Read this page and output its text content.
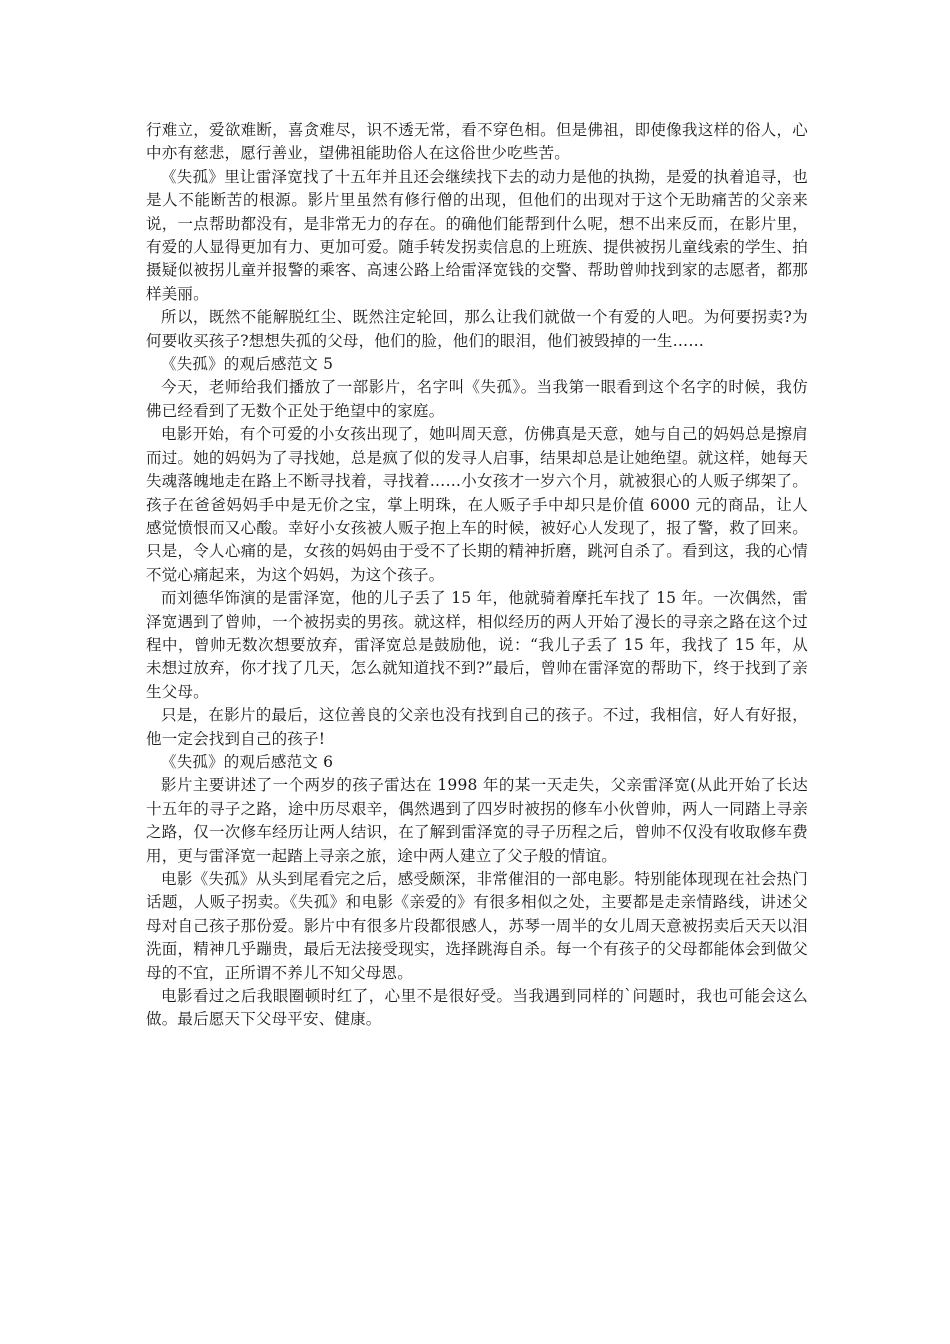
行难立，爱欲难断，喜贪难尽，识不透无常，看不穿色相。但是佛祖，即使像我这样的俗人，心中亦有慈悲，愿行善业，望佛祖能助俗人在这俗世少吃些苦。

《失孤》里让雷泽宽找了十五年并且还会继续找下去的动力是他的执拗，是爱的执着追寻，也是人不能断苦的根源。影片里虽然有修行僧的出现，但他们的出现对于这个无助痛苦的父亲来说，一点帮助都没有，是非常无力的存在。的确他们能帮到什么呢，想不出来反而，在影片里，有爱的人显得更加有力、更加可爱。随手转发拐卖信息的上班族、提供被拐儿童线索的学生、拍摄疑似被拐儿童并报警的乘客、高速公路上给雷泽宽钱的交警、帮助曾帅找到家的志愿者，都那样美丽。

所以，既然不能解脱红尘、既然注定轮回，那么让我们就做一个有爱的人吧。为何要拐卖?为何要收买孩子?想想失孤的父母，他们的脸，他们的眼泪，他们被毁掉的一生……

《失孤》的观后感范文 5

今天，老师给我们播放了一部影片，名字叫《失孤》。当我第一眼看到这个名字的时候，我仿佛已经看到了无数个正处于绝望中的家庭。

电影开始，有个可爱的小女孩出现了，她叫周天意，仿佛真是天意，她与自己的妈妈总是擦肩而过。她的妈妈为了寻找她，总是疯了似的发寻人启事，结果却总是让她绝望。就这样，她每天失魂落魄地走在路上不断寻找着，寻找着……小女孩才一岁六个月，就被狠心的人贩子绑架了。孩子在爸爸妈妈手中是无价之宝，掌上明珠，在人贩子手中却只是价值 6000 元的商品，让人感觉愤恨而又心酸。幸好小女孩被人贩子抱上车的时候，被好心人发现了，报了警，救了回来。只是，令人心痛的是，女孩的妈妈由于受不了长期的精神折磨，跳河自杀了。看到这，我的心情不觉心痛起来，为这个妈妈，为这个孩子。

而刘德华饰演的是雷泽宽，他的儿子丢了 15 年，他就骑着摩托车找了 15 年。一次偶然，雷泽宽遇到了曾帅，一个被拐卖的男孩。就这样，相似经历的两人开始了漫长的寻亲之路在这个过程中，曾帅无数次想要放弃，雷泽宽总是鼓励他，说：“我儿子丢了 15 年，我找了 15 年，从未想过放弃，你才找了几天，怎么就知道找不到?”最后，曾帅在雷泽宽的帮助下，终于找到了亲生父母。

只是，在影片的最后，这位善良的父亲也没有找到自己的孩子。不过，我相信，好人有好报，他一定会找到自己的孩子!

《失孤》的观后感范文 6

影片主要讲述了一个两岁的孩子雷达在 1998 年的某一天走失，父亲雷泽宽(从此开始了长达十五年的寻子之路，途中历尽艰辛，偶然遇到了四岁时被拐的修车小伙曾帅，两人一同踏上寻亲之路，仅一次修车经历让两人结识，在了解到雷泽宽的寻子历程之后，曾帅不仅没有收取修车费用，更与雷泽宽一起踏上寻亲之旅，途中两人建立了父子般的情谊。

电影《失孤》从头到尾看完之后，感受颇深，非常催泪的一部电影。特别能体现现在社会热门话题，人贩子拐卖。《失孤》和电影《亲爱的》有很多相似之处，主要都是走亲情路线，讲述父母对自己孩子那份爱。影片中有很多片段都很感人，苏琴一周半的女儿周天意被拐卖后天天以泪洗面，精神几乎蹦贵，最后无法接受现实，选择跳海自杀。每一个有孩子的父母都能体会到做父母的不宜，正所谓不养儿不知父母恩。

电影看过之后我眼圈顿时红了，心里不是很好受。当我遇到同样的`问题时，我也可能会这么做。最后愿天下父母平安、健康。
